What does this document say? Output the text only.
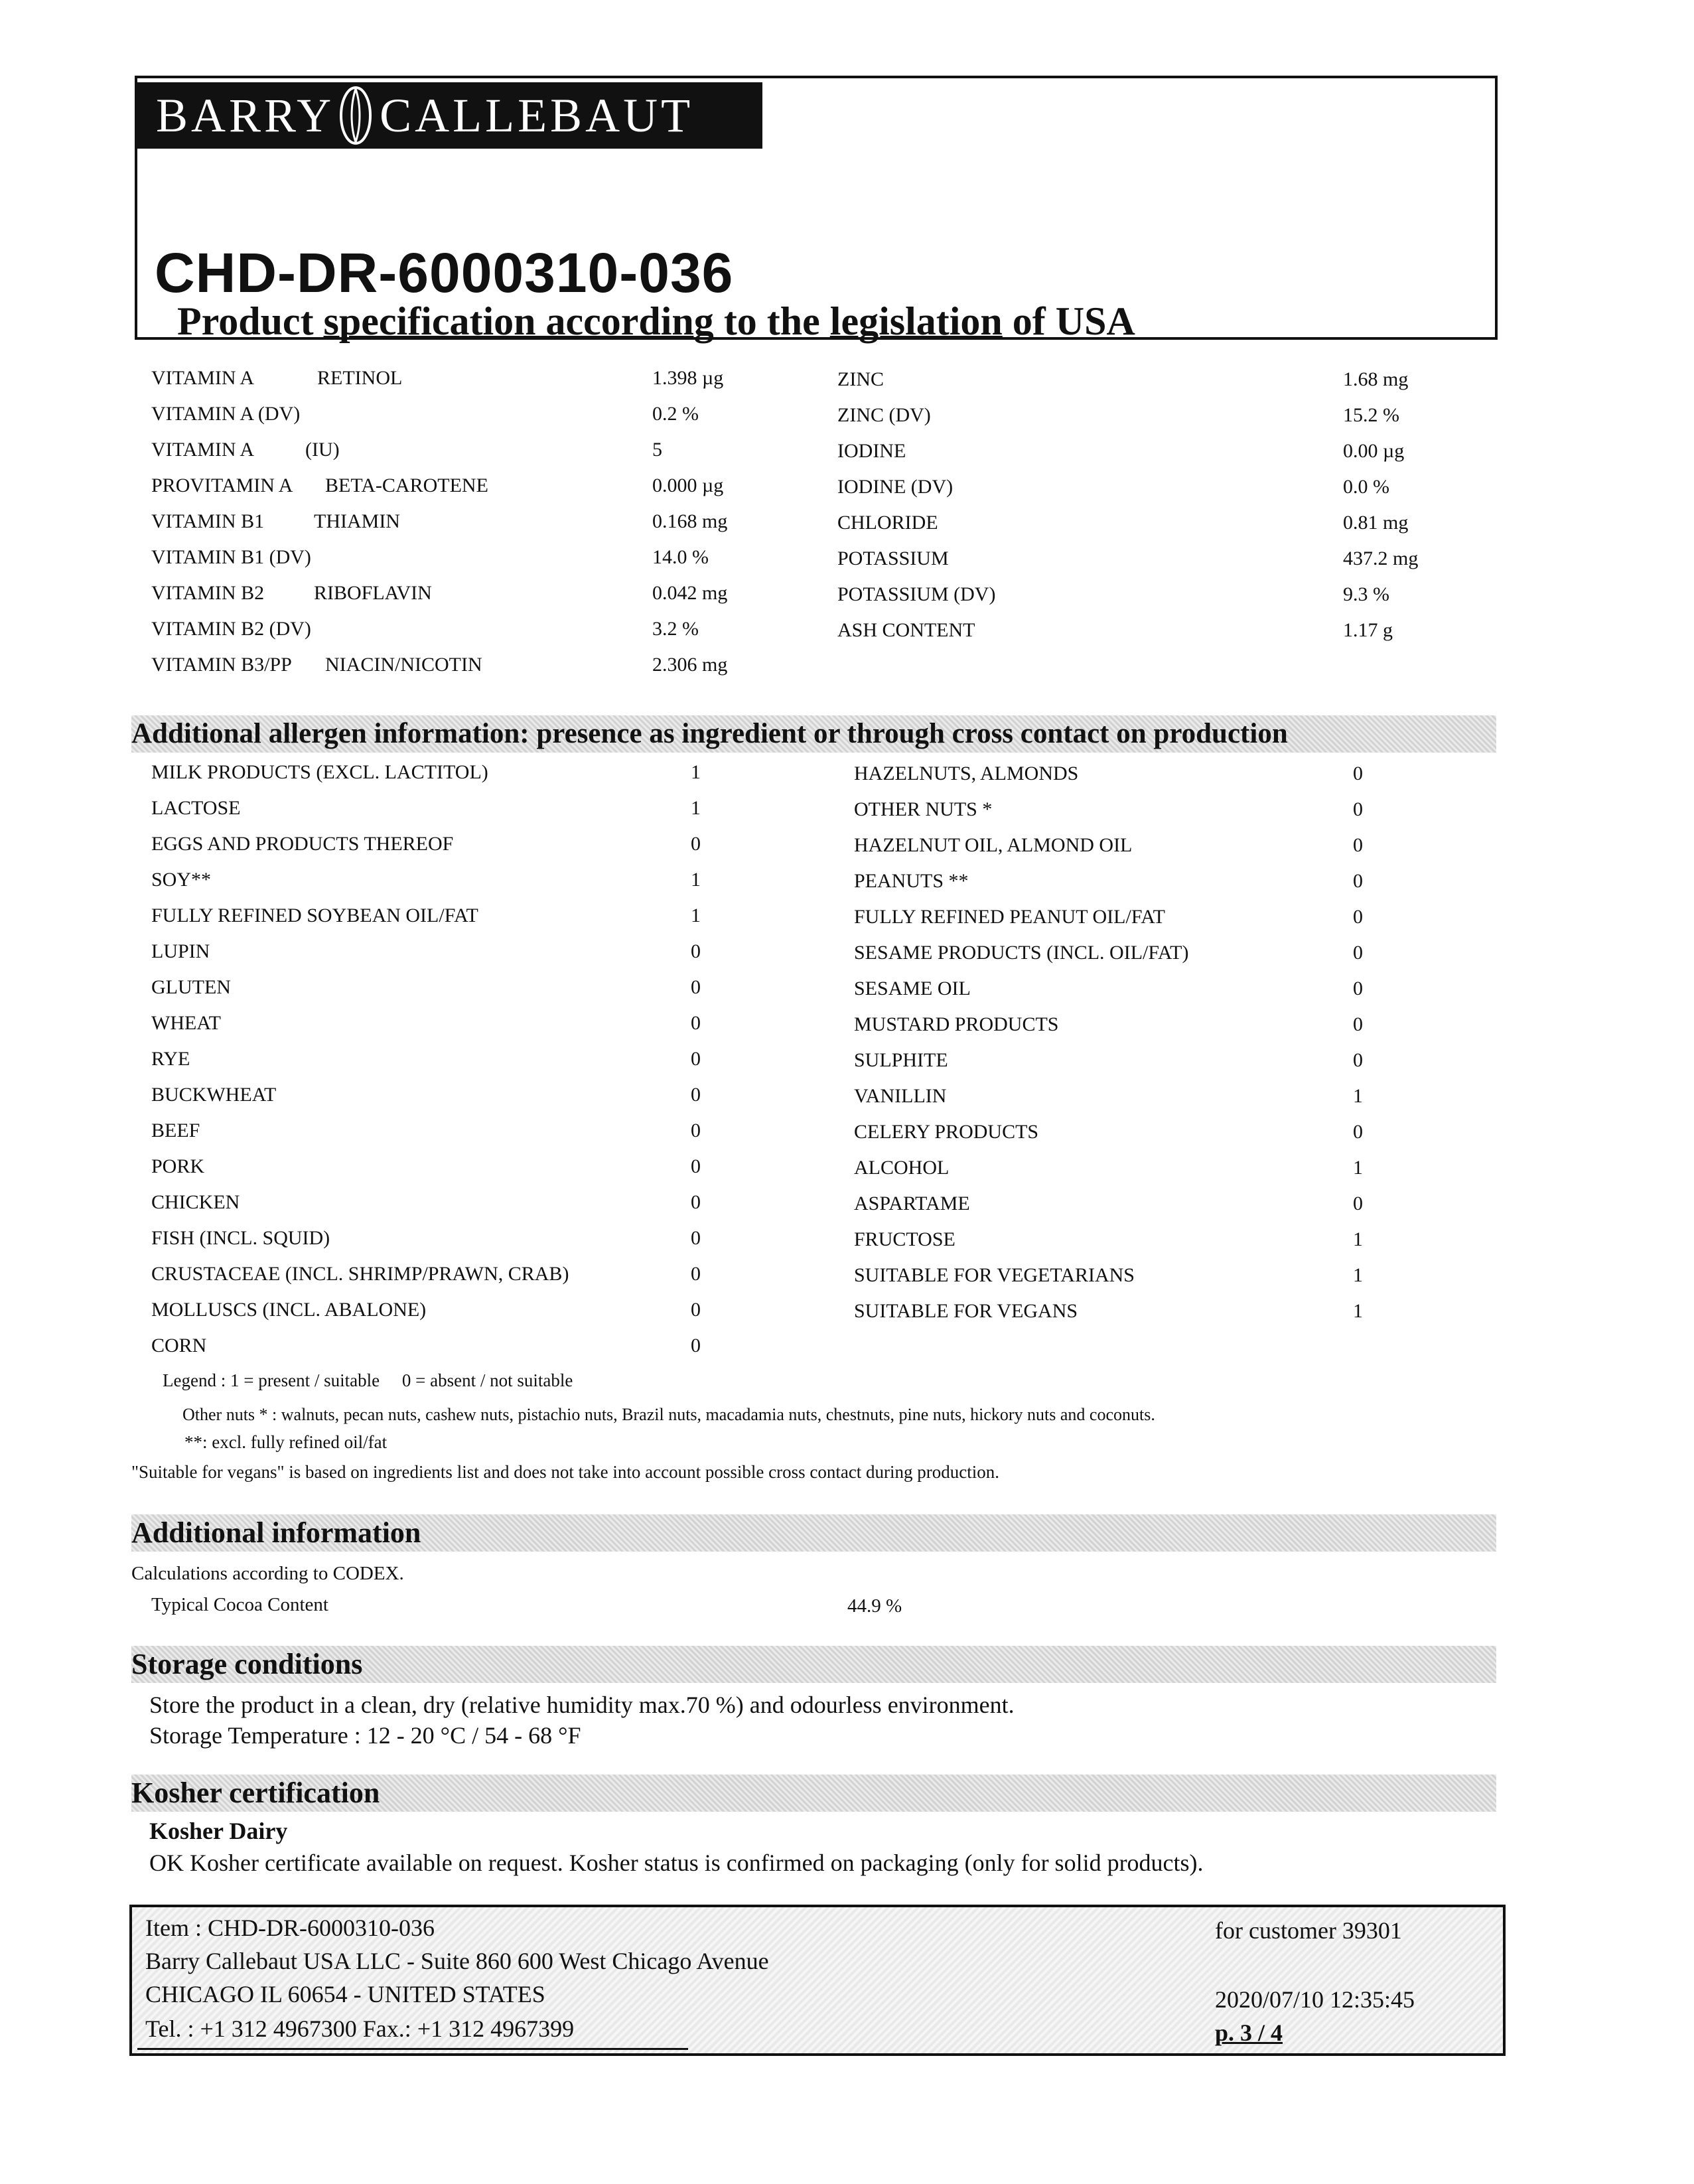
BARRY CALLEBAUT
CHD-DR-6000310-036
Product specification according to the legislation of USA
VITAMIN A	RETINOL	1.398 µg
VITAMIN A (DV)	0.2 %
VITAMIN A	(IU)	5
PROVITAMIN A BETA-CAROTENE	0.000 µg
VITAMIN B1 THIAMIN	0.168 mg
VITAMIN B1 (DV)	14.0 %
VITAMIN B2 RIBOFLAVIN	0.042 mg
VITAMIN B2 (DV)	3.2 %
VITAMIN B3/PP NIACIN/NICOTIN	2.306 mg
ZINC	1.68 mg
ZINC (DV)	15.2 %
IODINE	0.00 µg
IODINE (DV)	0.0 %
CHLORIDE	0.81 mg
POTASSIUM	437.2 mg
POTASSIUM (DV)	9.3 %
ASH CONTENT	1.17 g
Additional allergen information: presence as ingredient or through cross contact on production
MILK PRODUCTS (EXCL. LACTITOL)	1
LACTOSE	1
EGGS AND PRODUCTS THEREOF	0
SOY**	1
FULLY REFINED SOYBEAN OIL/FAT	1
LUPIN	0
GLUTEN	0
WHEAT	0
RYE	0
BUCKWHEAT	0
BEEF	0
PORK	0
CHICKEN	0
FISH (INCL. SQUID)	0
CRUSTACEAE (INCL. SHRIMP/PRAWN, CRAB)	0
MOLLUSCS (INCL. ABALONE)	0
CORN	0
HAZELNUTS, ALMONDS	0
OTHER NUTS *	0
HAZELNUT OIL, ALMOND OIL	0
PEANUTS **	0
FULLY REFINED PEANUT OIL/FAT	0
SESAME PRODUCTS (INCL. OIL/FAT)	0
SESAME OIL	0
MUSTARD PRODUCTS	0
SULPHITE	0
VANILLIN	1
CELERY PRODUCTS	0
ALCOHOL	1
ASPARTAME	0
FRUCTOSE	1
SUITABLE FOR VEGETARIANS	1
SUITABLE FOR VEGANS	1
Legend : 1 = present / suitable     0 = absent / not suitable
Other nuts * : walnuts, pecan nuts, cashew nuts, pistachio nuts, Brazil nuts, macadamia nuts, chestnuts, pine nuts, hickory nuts and coconuts.
**: excl. fully refined oil/fat
"Suitable for vegans" is based on ingredients list and does not take into account possible cross contact during production.
Additional information
Calculations according to CODEX.
Typical Cocoa Content	44.9 %
Storage conditions
Store the product in a clean, dry (relative humidity max.70 %) and odourless environment.
Storage Temperature : 12 - 20 °C / 54 - 68 °F
Kosher certification
Kosher Dairy
OK Kosher certificate available on request. Kosher status is confirmed on packaging (only for solid products).
Item : CHD-DR-6000310-036
Barry Callebaut USA LLC - Suite 860 600 West Chicago Avenue
CHICAGO IL 60654 - UNITED STATES
Tel. : +1 312 4967300 Fax.: +1 312 4967399
for customer 39301
2020/07/10 12:35:45
p. 3 / 4
